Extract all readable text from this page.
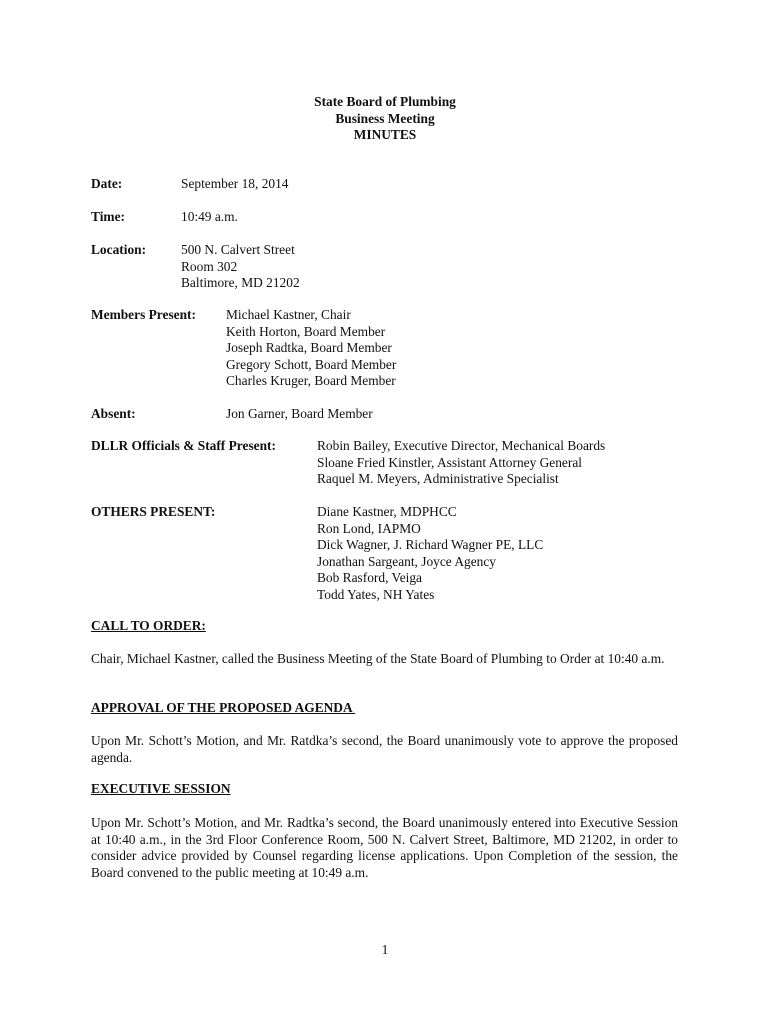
State Board of Plumbing
Business Meeting
MINUTES
Date:	September 18, 2014
Time:	10:49 a.m.
Location:	500 N. Calvert Street
Room 302
Baltimore, MD 21202
Members Present: Michael Kastner, Chair
Keith Horton, Board Member
Joseph Radtka, Board Member
Gregory Schott, Board Member
Charles Kruger, Board Member
Absent:	Jon Garner, Board Member
DLLR Officials & Staff Present:	Robin Bailey, Executive Director, Mechanical Boards
Sloane Fried Kinstler, Assistant Attorney General
Raquel M. Meyers, Administrative Specialist
OTHERS PRESENT:	Diane Kastner, MDPHCC
Ron Lond, IAPMO
Dick Wagner, J. Richard Wagner PE, LLC
Jonathan Sargeant, Joyce Agency
Bob Rasford, Veiga
Todd Yates, NH Yates
CALL TO ORDER:
Chair, Michael Kastner, called the Business Meeting of the State Board of Plumbing to Order at 10:40 a.m.
APPROVAL OF THE PROPOSED AGENDA
Upon Mr. Schott’s Motion, and Mr. Ratdka’s second, the Board unanimously vote to approve the proposed agenda.
EXECUTIVE SESSION
Upon Mr. Schott’s Motion, and Mr. Radtka’s second, the Board unanimously entered into Executive Session at 10:40 a.m., in the 3rd Floor Conference Room, 500 N. Calvert Street, Baltimore, MD 21202, in order to consider advice provided by Counsel regarding license applications. Upon Completion of the session, the Board convened to the public meeting at 10:49 a.m.
1
